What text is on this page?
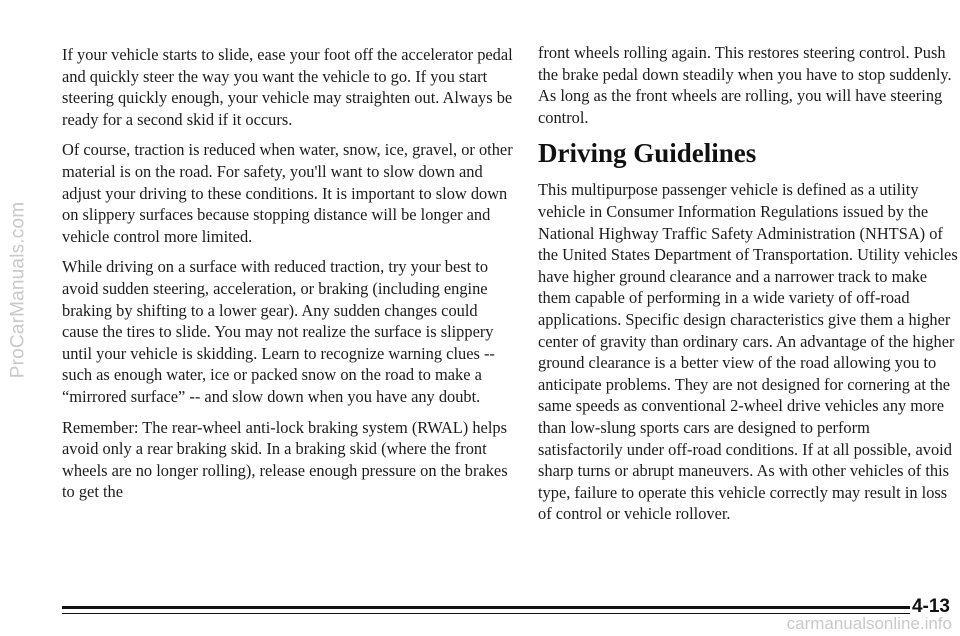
ProCarManuals.com

If your vehicle starts to slide, ease your foot off the accelerator pedal and quickly steer the way you want the vehicle to go. If you start steering quickly enough, your vehicle may straighten out. Always be ready for a second skid if it occurs.

Of course, traction is reduced when water, snow, ice, gravel, or other material is on the road. For safety, you'll want to slow down and adjust your driving to these conditions. It is important to slow down on slippery surfaces because stopping distance will be longer and vehicle control more limited.

While driving on a surface with reduced traction, try your best to avoid sudden steering, acceleration, or braking (including engine braking by shifting to a lower gear). Any sudden changes could cause the tires to slide. You may not realize the surface is slippery until your vehicle is skidding. Learn to recognize warning clues -- such as enough water, ice or packed snow on the road to make a “mirrored surface” -- and slow down when you have any doubt.

Remember: The rear-wheel anti-lock braking system (RWAL) helps avoid only a rear braking skid. In a braking skid (where the front wheels are no longer rolling), release enough pressure on the brakes to get the

front wheels rolling again. This restores steering control. Push the brake pedal down steadily when you have to stop suddenly. As long as the front wheels are rolling, you will have steering control.

Driving Guidelines

This multipurpose passenger vehicle is defined as a utility vehicle in Consumer Information Regulations issued by the National Highway Traffic Safety Administration (NHTSA) of the United States Department of Transportation. Utility vehicles have higher ground clearance and a narrower track to make them capable of performing in a wide variety of off-road applications. Specific design characteristics give them a higher center of gravity than ordinary cars. An advantage of the higher ground clearance is a better view of the road allowing you to anticipate problems. They are not designed for cornering at the same speeds as conventional 2-wheel drive vehicles any more than low-slung sports cars are designed to perform satisfactorily under off-road conditions. If at all possible, avoid sharp turns or abrupt maneuvers. As with other vehicles of this type, failure to operate this vehicle correctly may result in loss of control or vehicle rollover.

4-13
carmanualsonline.info
